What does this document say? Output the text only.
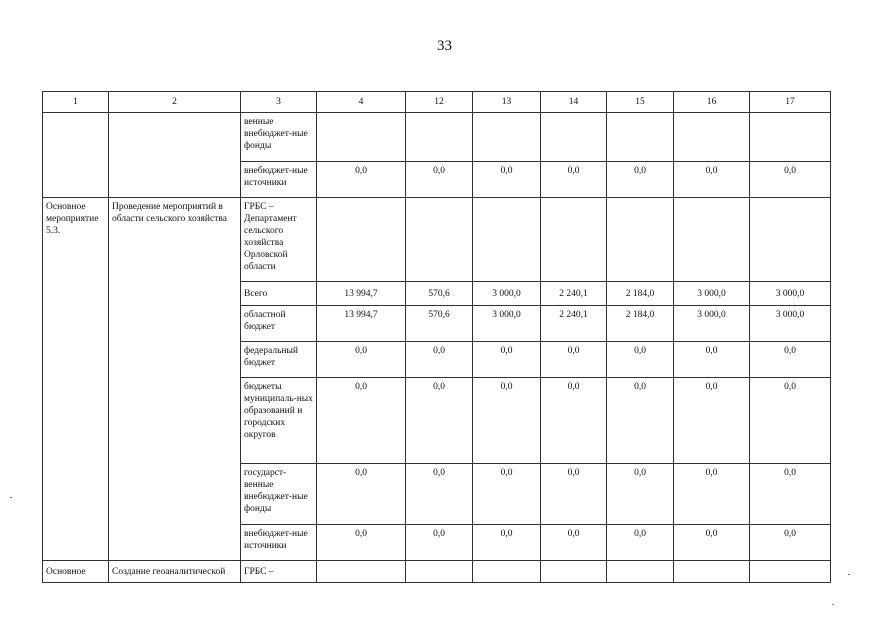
33
1	2	3	4	12	13	14	15	16	17
		венные внебюджет-ные фонды							
		внебюджет-ные источники	0,0	0,0	0,0	0,0	0,0	0,0	0,0
Основное мероприятие 5.3.	Проведение мероприятий в области сельского хозяйства	ГРБС – Департамент сельского хозяйства Орловской области							
		Всего	13 994,7	570,6	3 000,0	2 240,1	2 184,0	3 000,0	3 000,0
		областной бюджет	13 994,7	570,6	3 000,0	2 240,1	2 184,0	3 000,0	3 000,0
		федеральный бюджет	0,0	0,0	0,0	0,0	0,0	0,0	0,0
		бюджеты муниципаль-ных образований и городских округов	0,0	0,0	0,0	0,0	0,0	0,0	0,0
		государст-венные внебюджет-ные фонды	0,0	0,0	0,0	0,0	0,0	0,0	0,0
		внебюджет-ные источники	0,0	0,0	0,0	0,0	0,0	0,0	0,0
Основное	Создание геоаналитической	ГРБС –							
